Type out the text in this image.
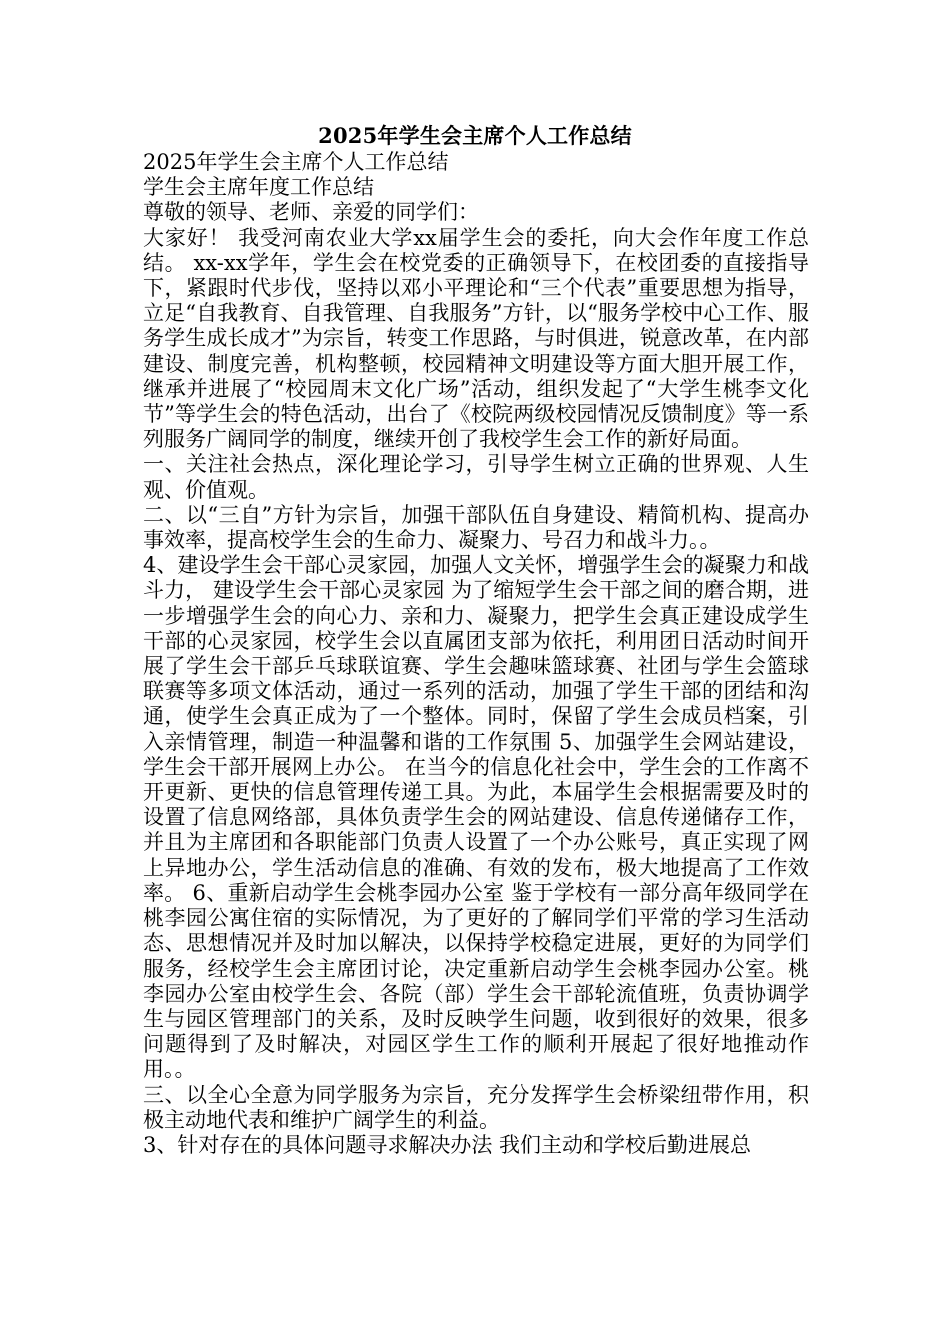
2025年学生会主席个人工作总结

2025年学生会主席个人工作总结

学生会主席年度工作总结

尊敬的领导、老师、亲爱的同学们：

大家好！ 我受河南农业大学xx届学生会的委托，向大会作年度工作总结。 xx-xx学年，学生会在校党委的正确领导下，在校团委的直接指导下，紧跟时代步伐，坚持以邓小平理论和“三个代表”重要思想为指导，立足“自我教育、自我管理、自我服务”方针，以“服务学校中心工作、服务学生成长成才”为宗旨，转变工作思路，与时俱进，锐意改革，在内部建设、制度完善，机构整顿，校园精神文明建设等方面大胆开展工作，继承并进展了“校园周末文化广场”活动，组织发起了“大学生桃李文化节”等学生会的特色活动，出台了《校院两级校园情况反馈制度》等一系列服务广阔同学的制度，继续开创了我校学生会工作的新好局面。

一、关注社会热点，深化理论学习，引导学生树立正确的世界观、人生观、价值观。

二、以“三自”方针为宗旨，加强干部队伍自身建设、精简机构、提高办事效率，提高校学生会的生命力、凝聚力、号召力和战斗力。。

4、建设学生会干部心灵家园，加强人文关怀，增强学生会的凝聚力和战斗力， 建设学生会干部心灵家园 为了缩短学生会干部之间的磨合期，进一步增强学生会的向心力、亲和力、凝聚力，把学生会真正建设成学生干部的心灵家园，校学生会以直属团支部为依托，利用团日活动时间开展了学生会干部乒乓球联谊赛、学生会趣味篮球赛、社团与学生会篮球联赛等多项文体活动，通过一系列的活动，加强了学生干部的团结和沟通，使学生会真正成为了一个整体。同时，保留了学生会成员档案，引入亲情管理，制造一种温馨和谐的工作氛围 5、加强学生会网站建设，学生会干部开展网上办公。 在当今的信息化社会中，学生会的工作离不开更新、更快的信息管理传递工具。为此，本届学生会根据需要及时的设置了信息网络部，具体负责学生会的网站建设、信息传递储存工作，并且为主席团和各职能部门负责人设置了一个办公账号，真正实现了网上异地办公，学生活动信息的准确、有效的发布，极大地提高了工作效率。 6、重新启动学生会桃李园办公室 鉴于学校有一部分高年级同学在桃李园公寓住宿的实际情况，为了更好的了解同学们平常的学习生活动态、思想情况并及时加以解决，以保持学校稳定进展，更好的为同学们服务，经校学生会主席团讨论，决定重新启动学生会桃李园办公室。桃李园办公室由校学生会、各院（部）学生会干部轮流值班，负责协调学生与园区管理部门的关系，及时反映学生问题，收到很好的效果，很多问题得到了及时解决，对园区学生工作的顺利开展起了很好地推动作用。。

三、以全心全意为同学服务为宗旨，充分发挥学生会桥梁纽带作用，积极主动地代表和维护广阔学生的利益。

3、针对存在的具体问题寻求解决办法 我们主动和学校后勤进展总
